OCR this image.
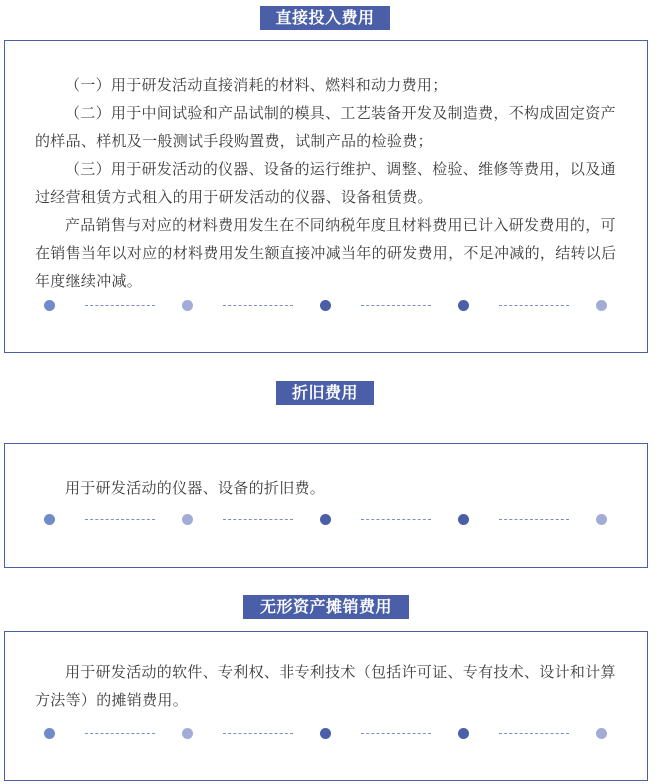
直接投入费用

（一）用于研发活动直接消耗的材料、燃料和动力费用；

（二）用于中间试验和产品试制的模具、工艺装备开发及制造费，不构成固定资产的样品、样机及一般测试手段购置费，试制产品的检验费；

（三）用于研发活动的仪器、设备的运行维护、调整、检验、维修等费用，以及通过经营租赁方式租入的用于研发活动的仪器、设备租赁费。

产品销售与对应的材料费用发生在不同纳税年度且材料费用已计入研发费用的，可在销售当年以对应的材料费用发生额直接冲减当年的研发费用，不足冲减的，结转以后年度继续冲减。

折旧费用

用于研发活动的仪器、设备的折旧费。

无形资产摊销费用

用于研发活动的软件、专利权、非专利技术（包括许可证、专有技术、设计和计算方法等）的摊销费用。
